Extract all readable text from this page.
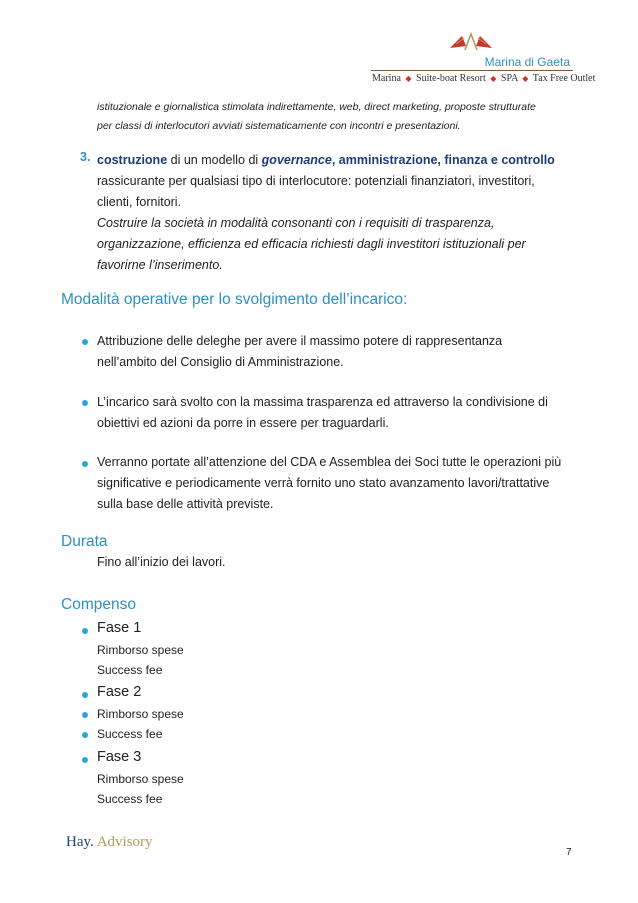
Marina di Gaeta
Marina ◆ Suite-boat Resort ◆ SPA ◆ Tax Free Outlet
istituzionale e giornalistica stimolata indirettamente, web, direct marketing, proposte strutturate
per classi di interlocutori avviati sistematicamente con incontri e presentazioni.
3. costruzione di un modello di governance, amministrazione, finanza e controllo
rassicurante per qualsiasi tipo di interlocutore: potenziali finanziatori, investitori,
clienti, fornitori.
Costruire la società in modalità consonanti con i requisiti di trasparenza,
organizzazione, efficienza ed efficacia richiesti dagli investitori istituzionali per
favorirne l’inserimento.
Modalità operative per lo svolgimento dell’incarico:
Attribuzione delle deleghe per avere il massimo potere di rappresentanza
nell’ambito del Consiglio di Amministrazione.
L’incarico sarà svolto con la massima trasparenza ed attraverso la condivisione di
obiettivi ed azioni da porre in essere per traguardarli.
Verranno portate all’attenzione del CDA e Assemblea dei Soci tutte le operazioni più
significative e periodicamente verrà fornito uno stato avanzamento lavori/trattative
sulla base delle attività previste.
Durata
Fino all’inizio dei lavori.
Compenso
Fase 1
Rimborso spese
Success fee
Fase 2
Rimborso spese
Success fee
Fase 3
Rimborso spese
Success fee
Hay. Advisory
7
